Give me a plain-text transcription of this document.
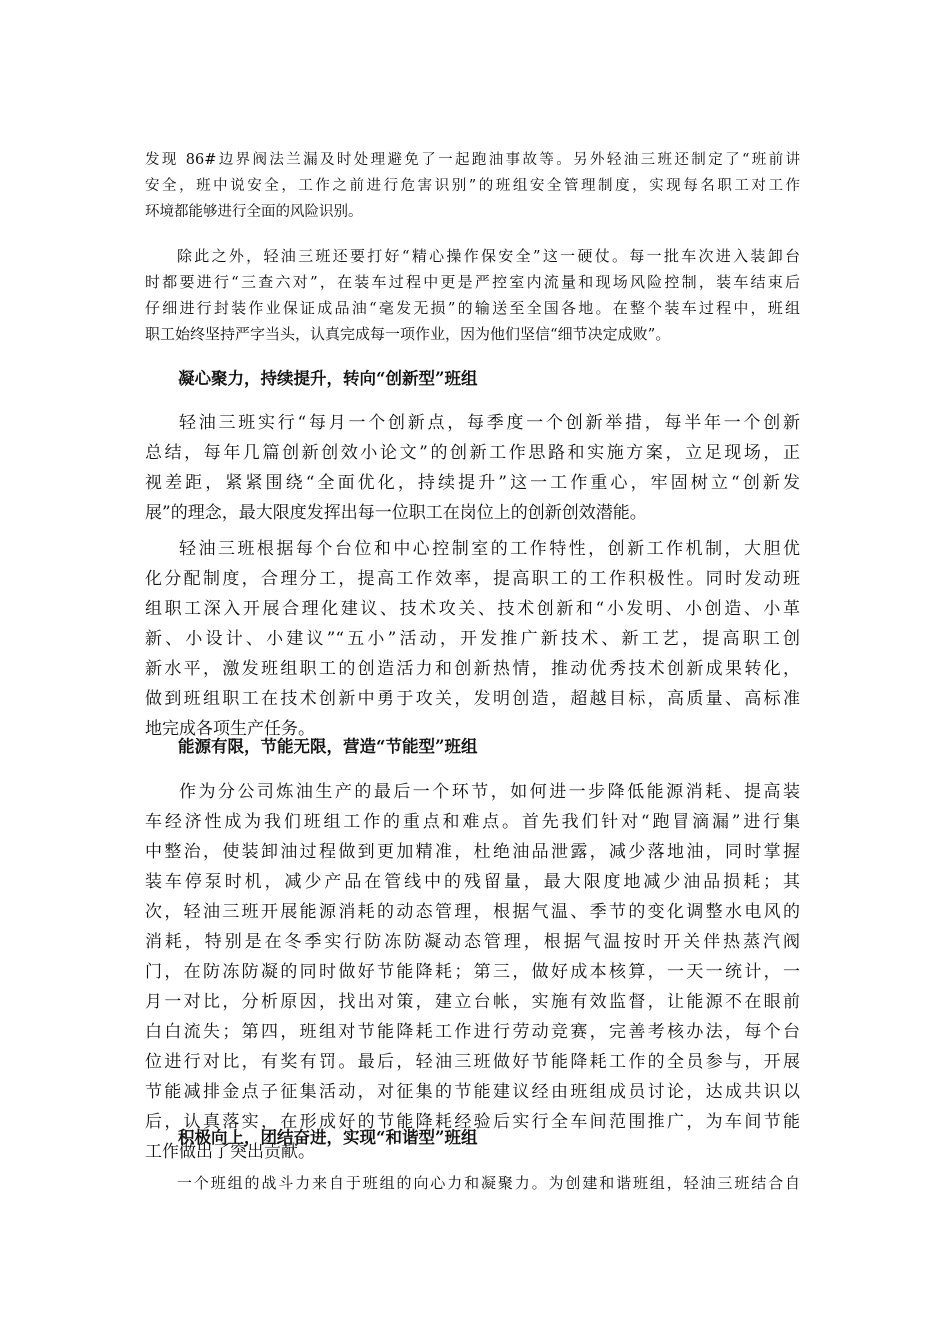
发现 86#边界阀法兰漏及时处理避免了一起跑油事故等。另外轻油三班还制定了“班前讲
安全，班中说安全，工作之前进行危害识别”的班组安全管理制度，实现每名职工对工作
环境都能够进行全面的风险识别。
除此之外，轻油三班还要打好“精心操作保安全”这一硬仗。每一批车次进入装卸台
时都要进行“三查六对”，在装车过程中更是严控室内流量和现场风险控制，装车结束后
仔细进行封装作业保证成品油“毫发无损”的输送至全国各地。在整个装车过程中，班组
职工始终坚持严字当头，认真完成每一项作业，因为他们坚信“细节决定成败”。
凝心聚力，持续提升，转向“创新型”班组
轻油三班实行“每月一个创新点，每季度一个创新举措，每半年一个创新
总结，每年几篇创新创效小论文”的创新工作思路和实施方案，立足现场，正
视差距，紧紧围绕“全面优化，持续提升”这一工作重心，牢固树立“创新发
展”的理念，最大限度发挥出每一位职工在岗位上的创新创效潜能。
轻油三班根据每个台位和中心控制室的工作特性，创新工作机制，大胆优
化分配制度，合理分工，提高工作效率，提高职工的工作积极性。同时发动班
组职工深入开展合理化建议、技术攻关、技术创新和“小发明、小创造、小革
新、小设计、小建议”“五小”活动，开发推广新技术、新工艺，提高职工创
新水平，激发班组职工的创造活力和创新热情，推动优秀技术创新成果转化，
做到班组职工在技术创新中勇于攻关，发明创造，超越目标，高质量、高标准
地完成各项生产任务。
能源有限，节能无限，营造“节能型”班组
作为分公司炼油生产的最后一个环节，如何进一步降低能源消耗、提高装
车经济性成为我们班组工作的重点和难点。首先我们针对“跑冒滴漏”进行集
中整治，使装卸油过程做到更加精准，杜绝油品泄露，减少落地油，同时掌握
装车停泵时机，减少产品在管线中的残留量，最大限度地减少油品损耗；其
次，轻油三班开展能源消耗的动态管理，根据气温、季节的变化调整水电风的
消耗，特别是在冬季实行防冻防凝动态管理，根据气温按时开关伴热蒸汽阀
门，在防冻防凝的同时做好节能降耗；第三，做好成本核算，一天一统计，一
月一对比，分析原因，找出对策，建立台帐，实施有效监督，让能源不在眼前
白白流失；第四，班组对节能降耗工作进行劳动竞赛，完善考核办法，每个台
位进行对比，有奖有罚。最后，轻油三班做好节能降耗工作的全员参与，开展
节能减排金点子征集活动，对征集的节能建议经由班组成员讨论，达成共识以
后，认真落实，在形成好的节能降耗经验后实行全车间范围推广，为车间节能
工作做出了突出贡献。
积极向上，团结奋进，实现“和谐型”班组
一个班组的战斗力来自于班组的向心力和凝聚力。为创建和谐班组，轻油三班结合自
